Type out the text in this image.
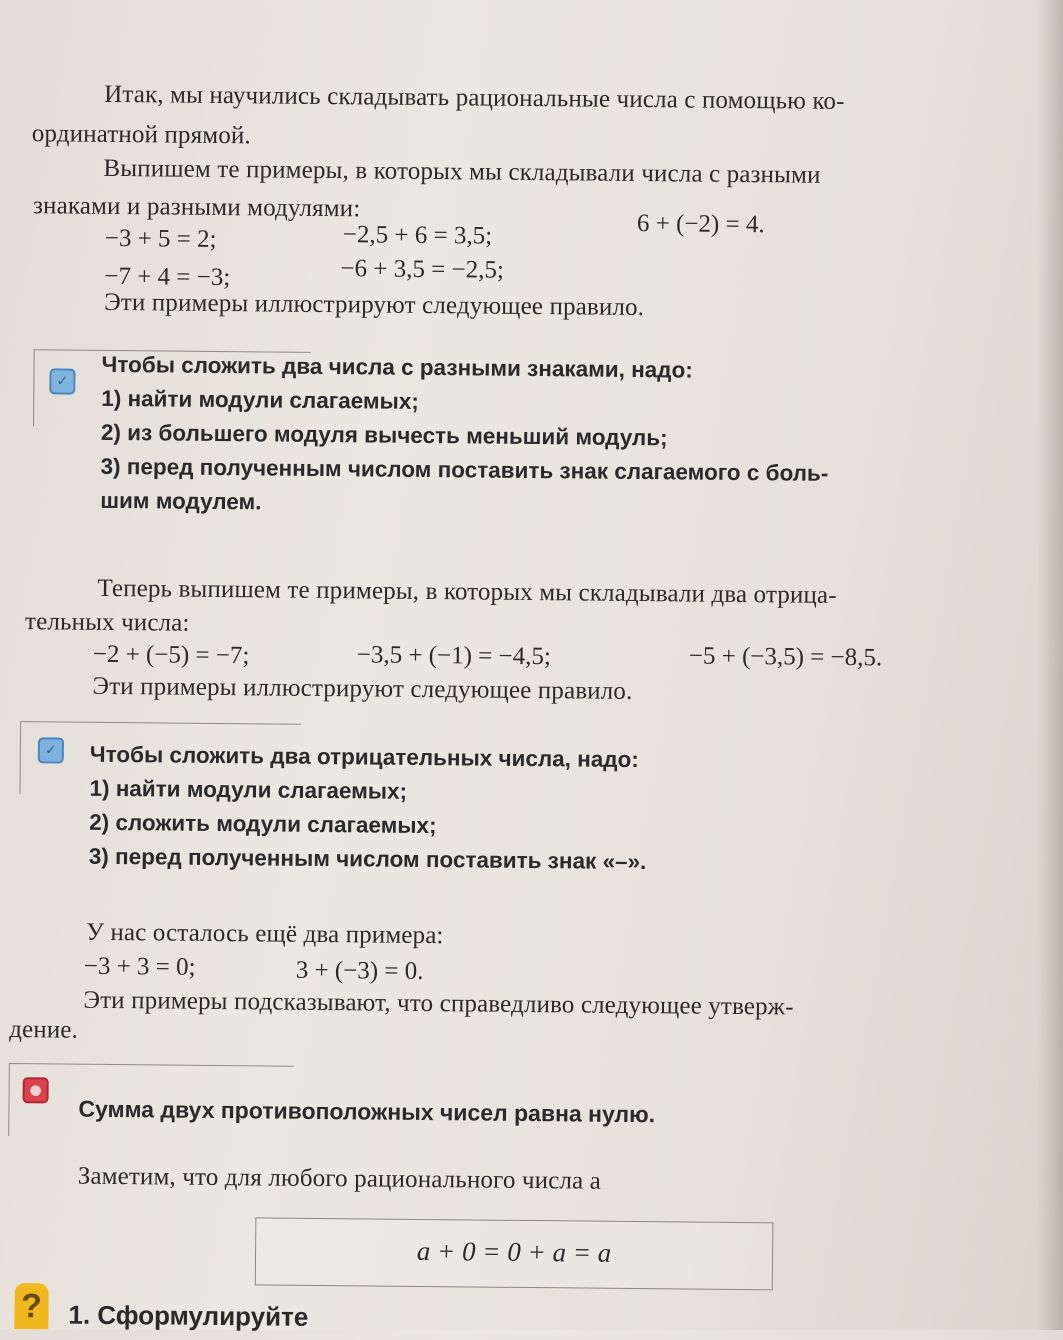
Итак, мы научились складывать рациональные числа с помощью ко-
ординатной прямой.
Выпишем те примеры, в которых мы складывали числа с разными
знаками и разными модулями:
−3 + 5 = 2;	−2,5 + 6 = 3,5;	6 + (−2) = 4.
−7 + 4 = −3;	−6 + 3,5 = −2,5;
Эти примеры иллюстрируют следующее правило.
✓	Чтобы сложить два числа с разными знаками, надо:
1) найти модули слагаемых;
2) из большего модуля вычесть меньший модуль;
3) перед полученным числом поставить знак слагаемого с боль-
шим модулем.
Теперь выпишем те примеры, в которых мы складывали два отрица-
тельных числа:
−2 + (−5) = −7;	−3,5 + (−1) = −4,5;	−5 + (−3,5) = −8,5.
Эти примеры иллюстрируют следующее правило.
✓	Чтобы сложить два отрицательных числа, надо:
1) найти модули слагаемых;
2) сложить модули слагаемых;
3) перед полученным числом поставить знак «–».
У нас осталось ещё два примера:
−3 + 3 = 0;	3 + (−3) = 0.
Эти примеры подсказывают, что справедливо следующее утверж-
дение.
●
Сумма двух противоположных чисел равна нулю.
Заметим, что для любого рационального числа a
a + 0 = 0 + a = a
? 1. Сформулируйте
